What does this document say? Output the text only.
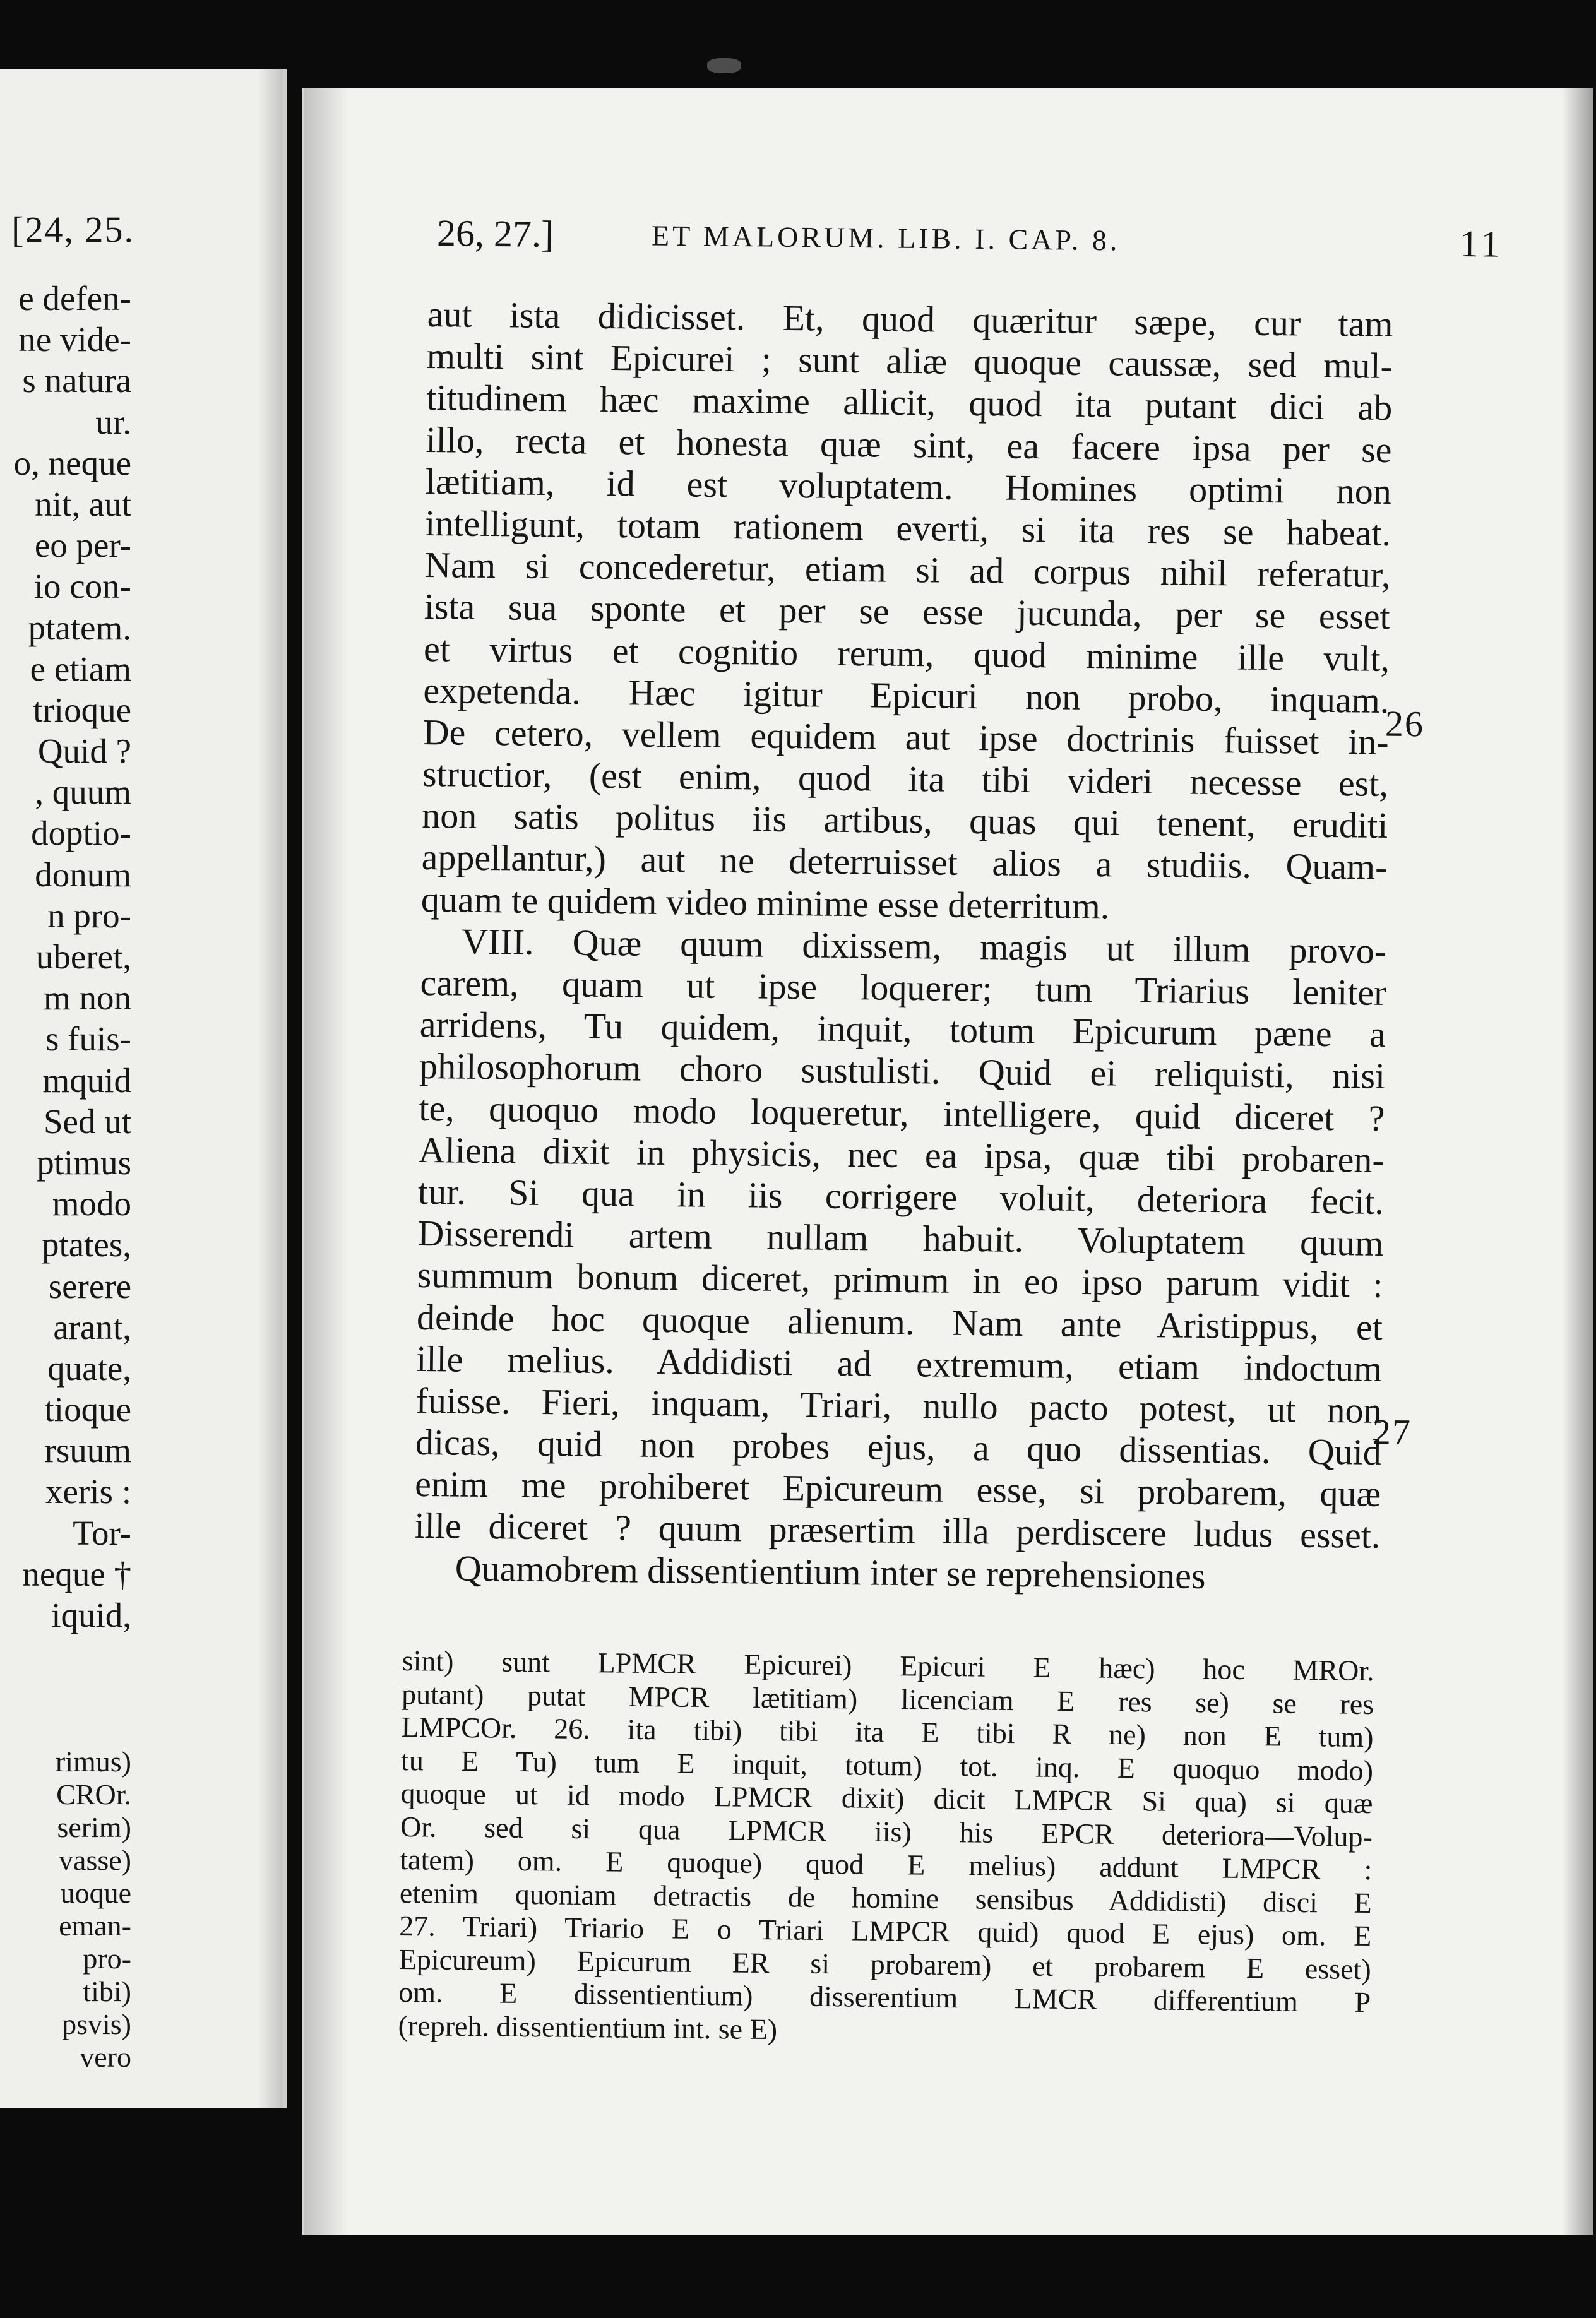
[24, 25.
e defen-
ne vide-
s natura
ur.
o, neque
nit, aut
eo per-
io con-
ptatem.
e etiam
trioque
Quid ?
, quum
doptio-
donum
n pro-
uberet,
m non
s fuis-
mquid
Sed ut
ptimus
modo
ptates,
serere
arant,
quate,
tioque
rsuum
xeris :
Tor-
neque †
iquid,
rimus)
CROr.
serim)
vasse)
uoque
eman-
pro-
tibi)
psvis)
vero
26, 27.]	ET MALORUM. LIB. I. CAP. 8.	11
aut ista didicisset. Et, quod quæritur sæpe, cur tam
multi sint Epicurei ; sunt aliæ quoque caussæ, sed mul-
titudinem hæc maxime allicit, quod ita putant dici ab
illo, recta et honesta quæ sint, ea facere ipsa per se
lætitiam, id est voluptatem. Homines optimi non
intelligunt, totam rationem everti, si ita res se habeat.
Nam si concederetur, etiam si ad corpus nihil referatur,
ista sua sponte et per se esse jucunda, per se esset
et virtus et cognitio rerum, quod minime ille vult,
expetenda. Hæc igitur Epicuri non probo, inquam.
De cetero, vellem equidem aut ipse doctrinis fuisset in-
structior, (est enim, quod ita tibi videri necesse est,
non satis politus iis artibus, quas qui tenent, eruditi
appellantur,) aut ne deterruisset alios a studiis. Quam-
quam te quidem video minime esse deterritum.
VIII. Quæ quum dixissem, magis ut illum provo-
carem, quam ut ipse loquerer; tum Triarius leniter
arridens, Tu quidem, inquit, totum Epicurum pæne a
philosophorum choro sustulisti. Quid ei reliquisti, nisi
te, quoquo modo loqueretur, intelligere, quid diceret ?
Aliena dixit in physicis, nec ea ipsa, quæ tibi probaren-
tur. Si qua in iis corrigere voluit, deteriora fecit.
Disserendi artem nullam habuit. Voluptatem quum
summum bonum diceret, primum in eo ipso parum vidit :
deinde hoc quoque alienum. Nam ante Aristippus, et
ille melius. Addidisti ad extremum, etiam indoctum
fuisse. Fieri, inquam, Triari, nullo pacto potest, ut non
dicas, quid non probes ejus, a quo dissentias. Quid
enim me prohiberet Epicureum esse, si probarem, quæ
ille diceret ? quum præsertim illa perdiscere ludus esset.
Quamobrem dissentientium inter se reprehensiones
26
27
sint) sunt LPMCR Epicurei) Epicuri E hæc) hoc MROr.
putant) putat MPCR lætitiam) licenciam E res se) se res
LMPCOr. 26. ita tibi) tibi ita E tibi R ne) non E tum)
tu E Tu) tum E inquit, totum) tot. inq. E quoquo modo)
quoque ut id modo LPMCR dixit) dicit LMPCR Si qua) si quæ
Or. sed si qua LPMCR iis) his EPCR deteriora—Volup-
tatem) om. E quoque) quod E melius) addunt LMPCR :
etenim quoniam detractis de homine sensibus Addidisti) disci E
27. Triari) Triario E o Triari LMPCR quid) quod E ejus) om. E
Epicureum) Epicurum ER si probarem) et probarem E esset)
om. E dissentientium) disserentium LMCR differentium P
(repreh. dissentientium int. se E)
